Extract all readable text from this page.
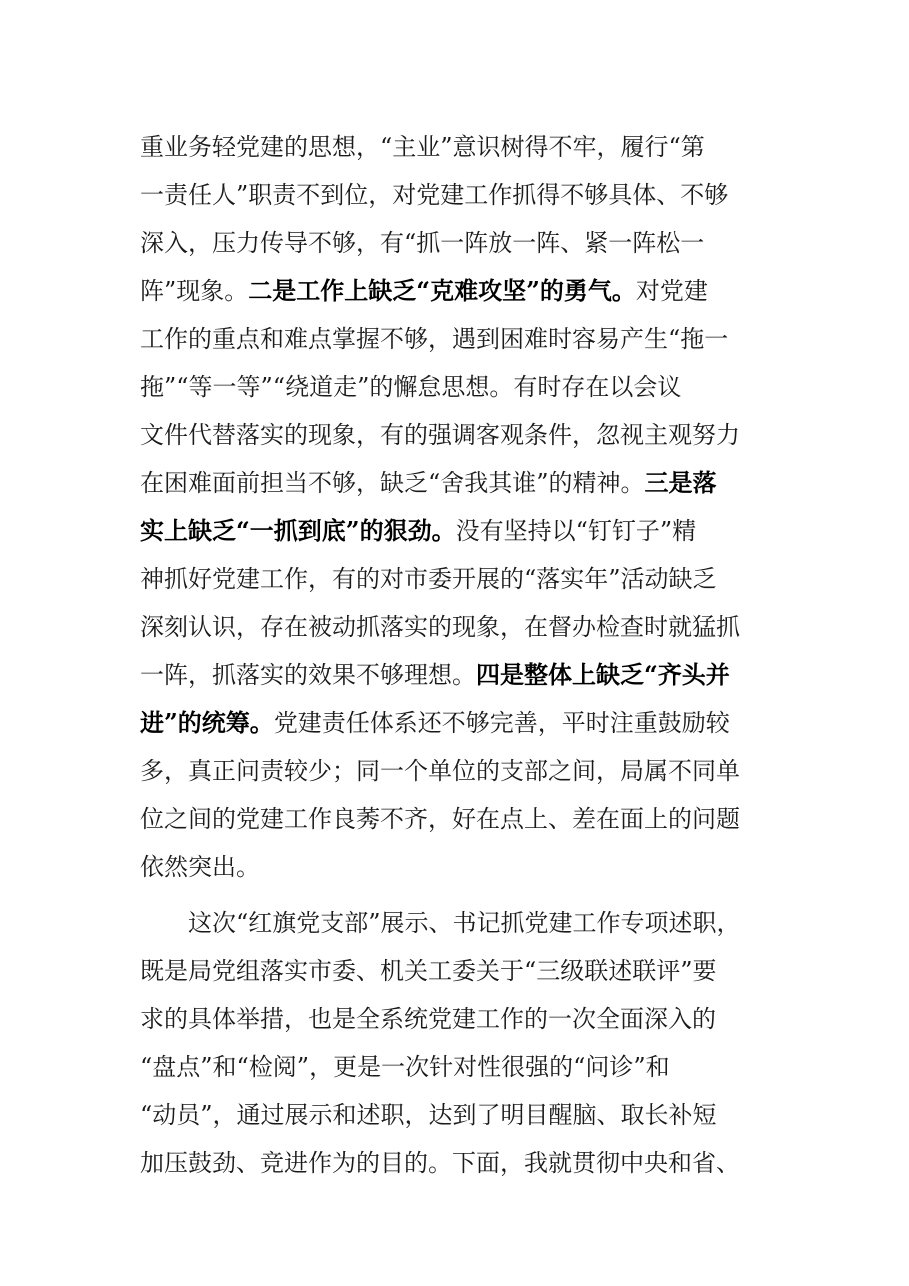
重业务轻党建的思想，“主业”意识树得不牢，履行“第
一责任人”职责不到位，对党建工作抓得不够具体、不够
深入，压力传导不够，有“抓一阵放一阵、紧一阵松一
阵”现象。二是工作上缺乏“克难攻坚”的勇气。对党建
工作的重点和难点掌握不够，遇到困难时容易产生“拖一
拖”“等一等”“绕道走”的懈怠思想。有时存在以会议
文件代替落实的现象，有的强调客观条件，忽视主观努力
在困难面前担当不够，缺乏“舍我其谁”的精神。三是落
实上缺乏“一抓到底”的狠劲。没有坚持以“钉钉子”精
神抓好党建工作，有的对市委开展的“落实年”活动缺乏
深刻认识，存在被动抓落实的现象，在督办检查时就猛抓
一阵，抓落实的效果不够理想。四是整体上缺乏“齐头并
进”的统筹。党建责任体系还不够完善，平时注重鼓励较
多，真正问责较少；同一个单位的支部之间，局属不同单
位之间的党建工作良莠不齐，好在点上、差在面上的问题
依然突出。
这次“红旗党支部”展示、书记抓党建工作专项述职，
既是局党组落实市委、机关工委关于“三级联述联评”要
求的具体举措，也是全系统党建工作的一次全面深入的
“盘点”和“检阅”，更是一次针对性很强的“问诊”和
“动员”，通过展示和述职，达到了明目醒脑、取长补短
加压鼓劲、竞进作为的目的。下面，我就贯彻中央和省、
